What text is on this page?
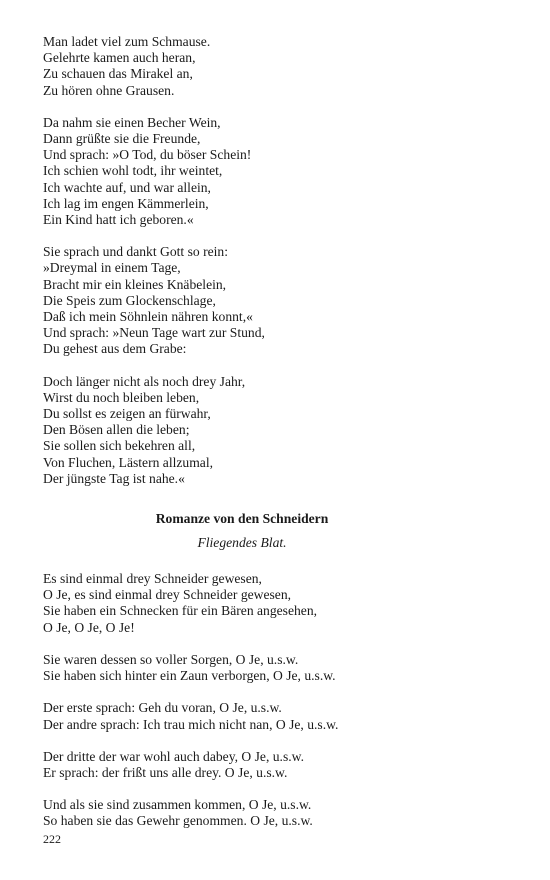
Man ladet viel zum Schmause.
Gelehrte kamen auch heran,
Zu schauen das Mirakel an,
Zu hören ohne Grausen.
Da nahm sie einen Becher Wein,
Dann grüßte sie die Freunde,
Und sprach: »O Tod, du böser Schein!
Ich schien wohl todt, ihr weintet,
Ich wachte auf, und war allein,
Ich lag im engen Kämmerlein,
Ein Kind hatt ich geboren.«
Sie sprach und dankt Gott so rein:
»Dreymal in einem Tage,
Bracht mir ein kleines Knäbelein,
Die Speis zum Glockenschlage,
Daß ich mein Söhnlein nähren konnt,«
Und sprach: »Neun Tage wart zur Stund,
Du gehest aus dem Grabe:
Doch länger nicht als noch drey Jahr,
Wirst du noch bleiben leben,
Du sollst es zeigen an fürwahr,
Den Bösen allen die leben;
Sie sollen sich bekehren all,
Von Fluchen, Lästern allzumal,
Der jüngste Tag ist nahe.«
Romanze von den Schneidern
Fliegendes Blat.
Es sind einmal drey Schneider gewesen,
O Je, es sind einmal drey Schneider gewesen,
Sie haben ein Schnecken für ein Bären angesehen,
O Je, O Je, O Je!
Sie waren dessen so voller Sorgen, O Je, u.s.w.
Sie haben sich hinter ein Zaun verborgen, O Je, u.s.w.
Der erste sprach: Geh du voran, O Je, u.s.w.
Der andre sprach: Ich trau mich nicht nan, O Je, u.s.w.
Der dritte der war wohl auch dabey, O Je, u.s.w.
Er sprach: der frißt uns alle drey. O Je, u.s.w.
Und als sie sind zusammen kommen, O Je, u.s.w.
So haben sie das Gewehr genommen. O Je, u.s.w.
222
